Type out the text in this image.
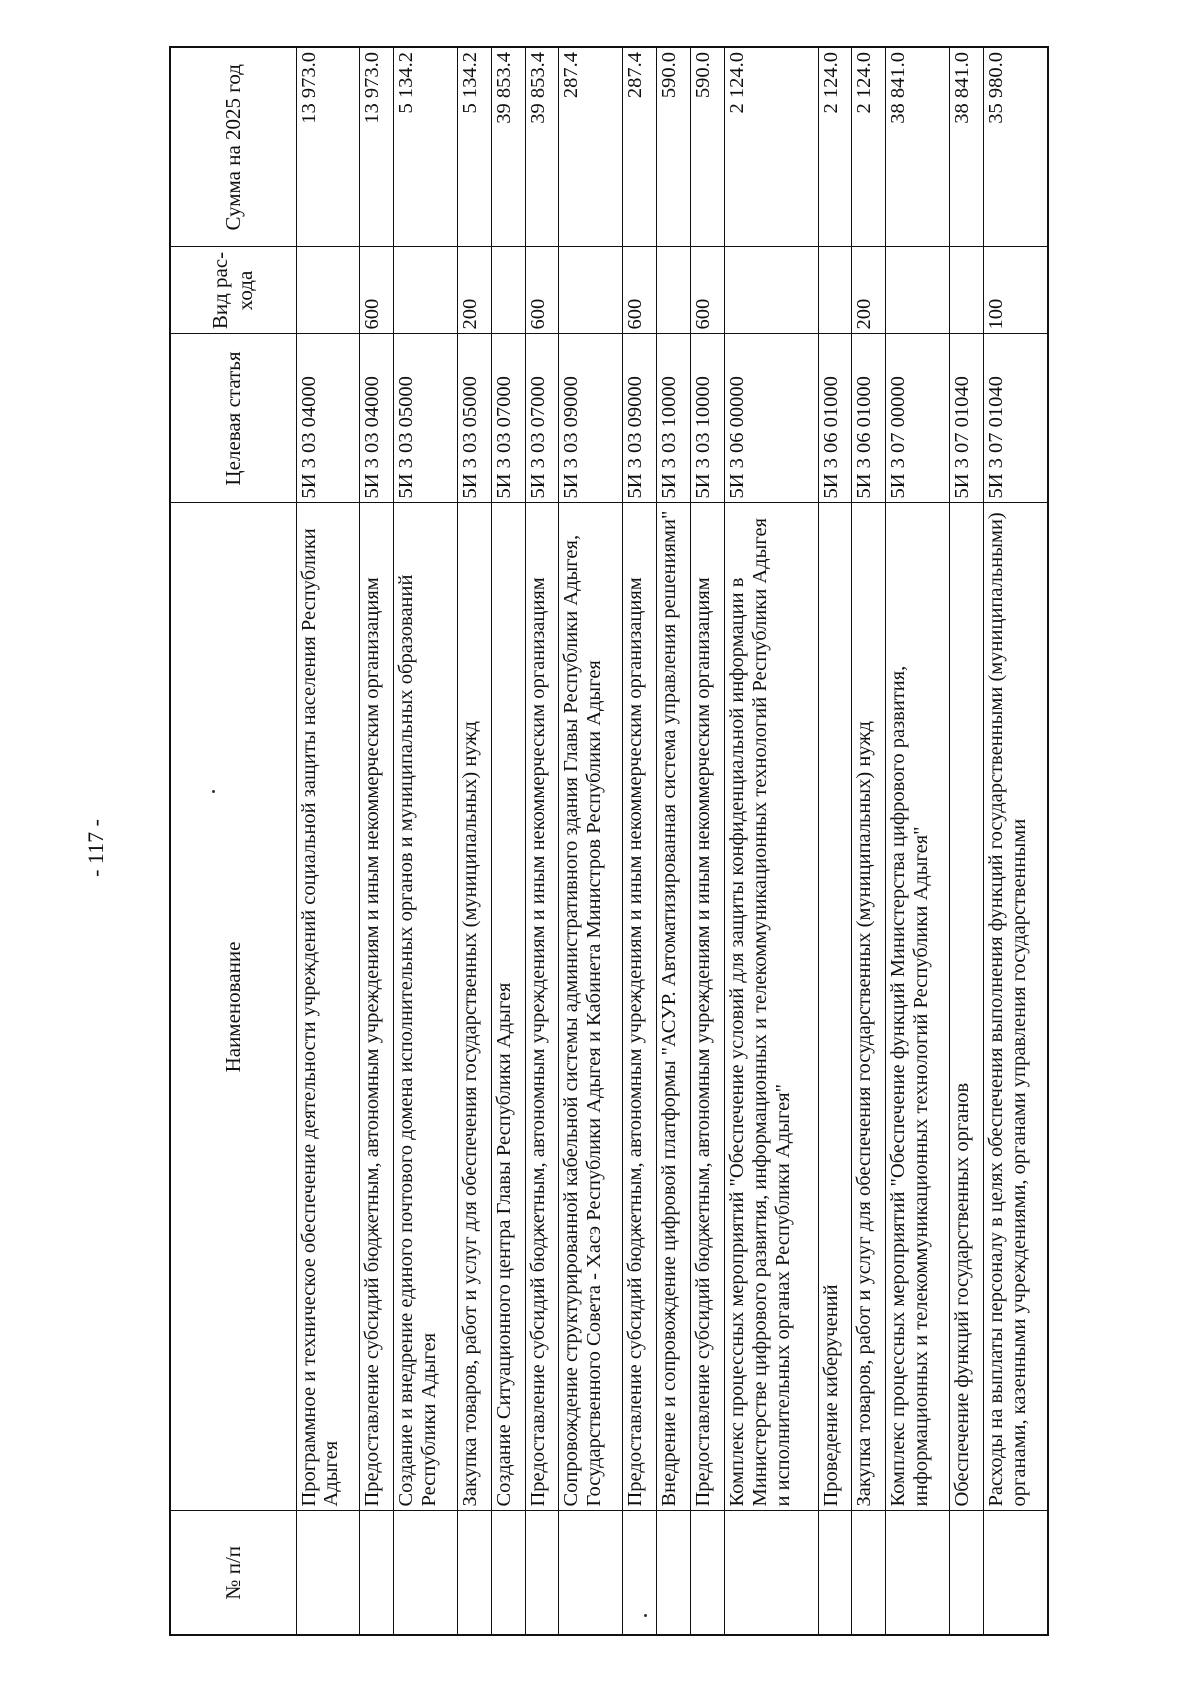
- 117 -
№ п/п	Наименование	Целевая статья	Вид рас- хода	Сумма на 2025 год
	Программное и техническое обеспечение деятельности учреждений социальной защиты населения Республики Адыгея	5И 3 03 04000		13 973.0
	Предоставление субсидий бюджетным, автономным учреждениям и иным некоммерческим организациям	5И 3 03 04000	600	13 973.0
	Создание и внедрение единого почтового домена исполнительных органов и муниципальных образований Республики Адыгея	5И 3 03 05000		5 134.2
	Закупка товаров, работ и услуг для обеспечения государственных (муниципальных) нужд	5И 3 03 05000	200	5 134.2
	Создание Ситуационного центра Главы Республики Адыгея	5И 3 03 07000		39 853.4
	Предоставление субсидий бюджетным, автономным учреждениям и иным некоммерческим организациям	5И 3 03 07000	600	39 853.4
	Сопровождение структурированной кабельной системы административного здания Главы Республики Адыгея, Государственного Совета - Хасэ Республики Адыгея и Кабинета Министров Республики Адыгея	5И 3 03 09000		287.4
	Предоставление субсидий бюджетным, автономным учреждениям и иным некоммерческим организациям	5И 3 03 09000	600	287.4
	Внедрение и сопровождение цифровой платформы "АСУР. Автоматизированная система управления решениями"	5И 3 03 10000		590.0
	Предоставление субсидий бюджетным, автономным учреждениям и иным некоммерческим организациям	5И 3 03 10000	600	590.0
	Комплекс процессных мероприятий "Обеспечение условий для защиты конфиденциальной информации в Министерстве цифрового развития, информационных и телекоммуникационных технологий Республики Адыгея и исполнительных органах Республики Адыгея"	5И 3 06 00000		2 124.0
	Проведение киберучений	5И 3 06 01000		2 124.0
	Закупка товаров, работ и услуг для обеспечения государственных (муниципальных) нужд	5И 3 06 01000	200	2 124.0
	Комплекс процессных мероприятий "Обеспечение функций Министерства цифрового развития, информационных и телекоммуникационных технологий Республики Адыгея"	5И 3 07 00000		38 841.0
	Обеспечение функций государственных органов	5И 3 07 01040		38 841.0
	Расходы на выплаты персоналу в целях обеспечения выполнения функций государственными (муниципальными) органами, казенными учреждениями, органами управления государственными	5И 3 07 01040	100	35 980.0
